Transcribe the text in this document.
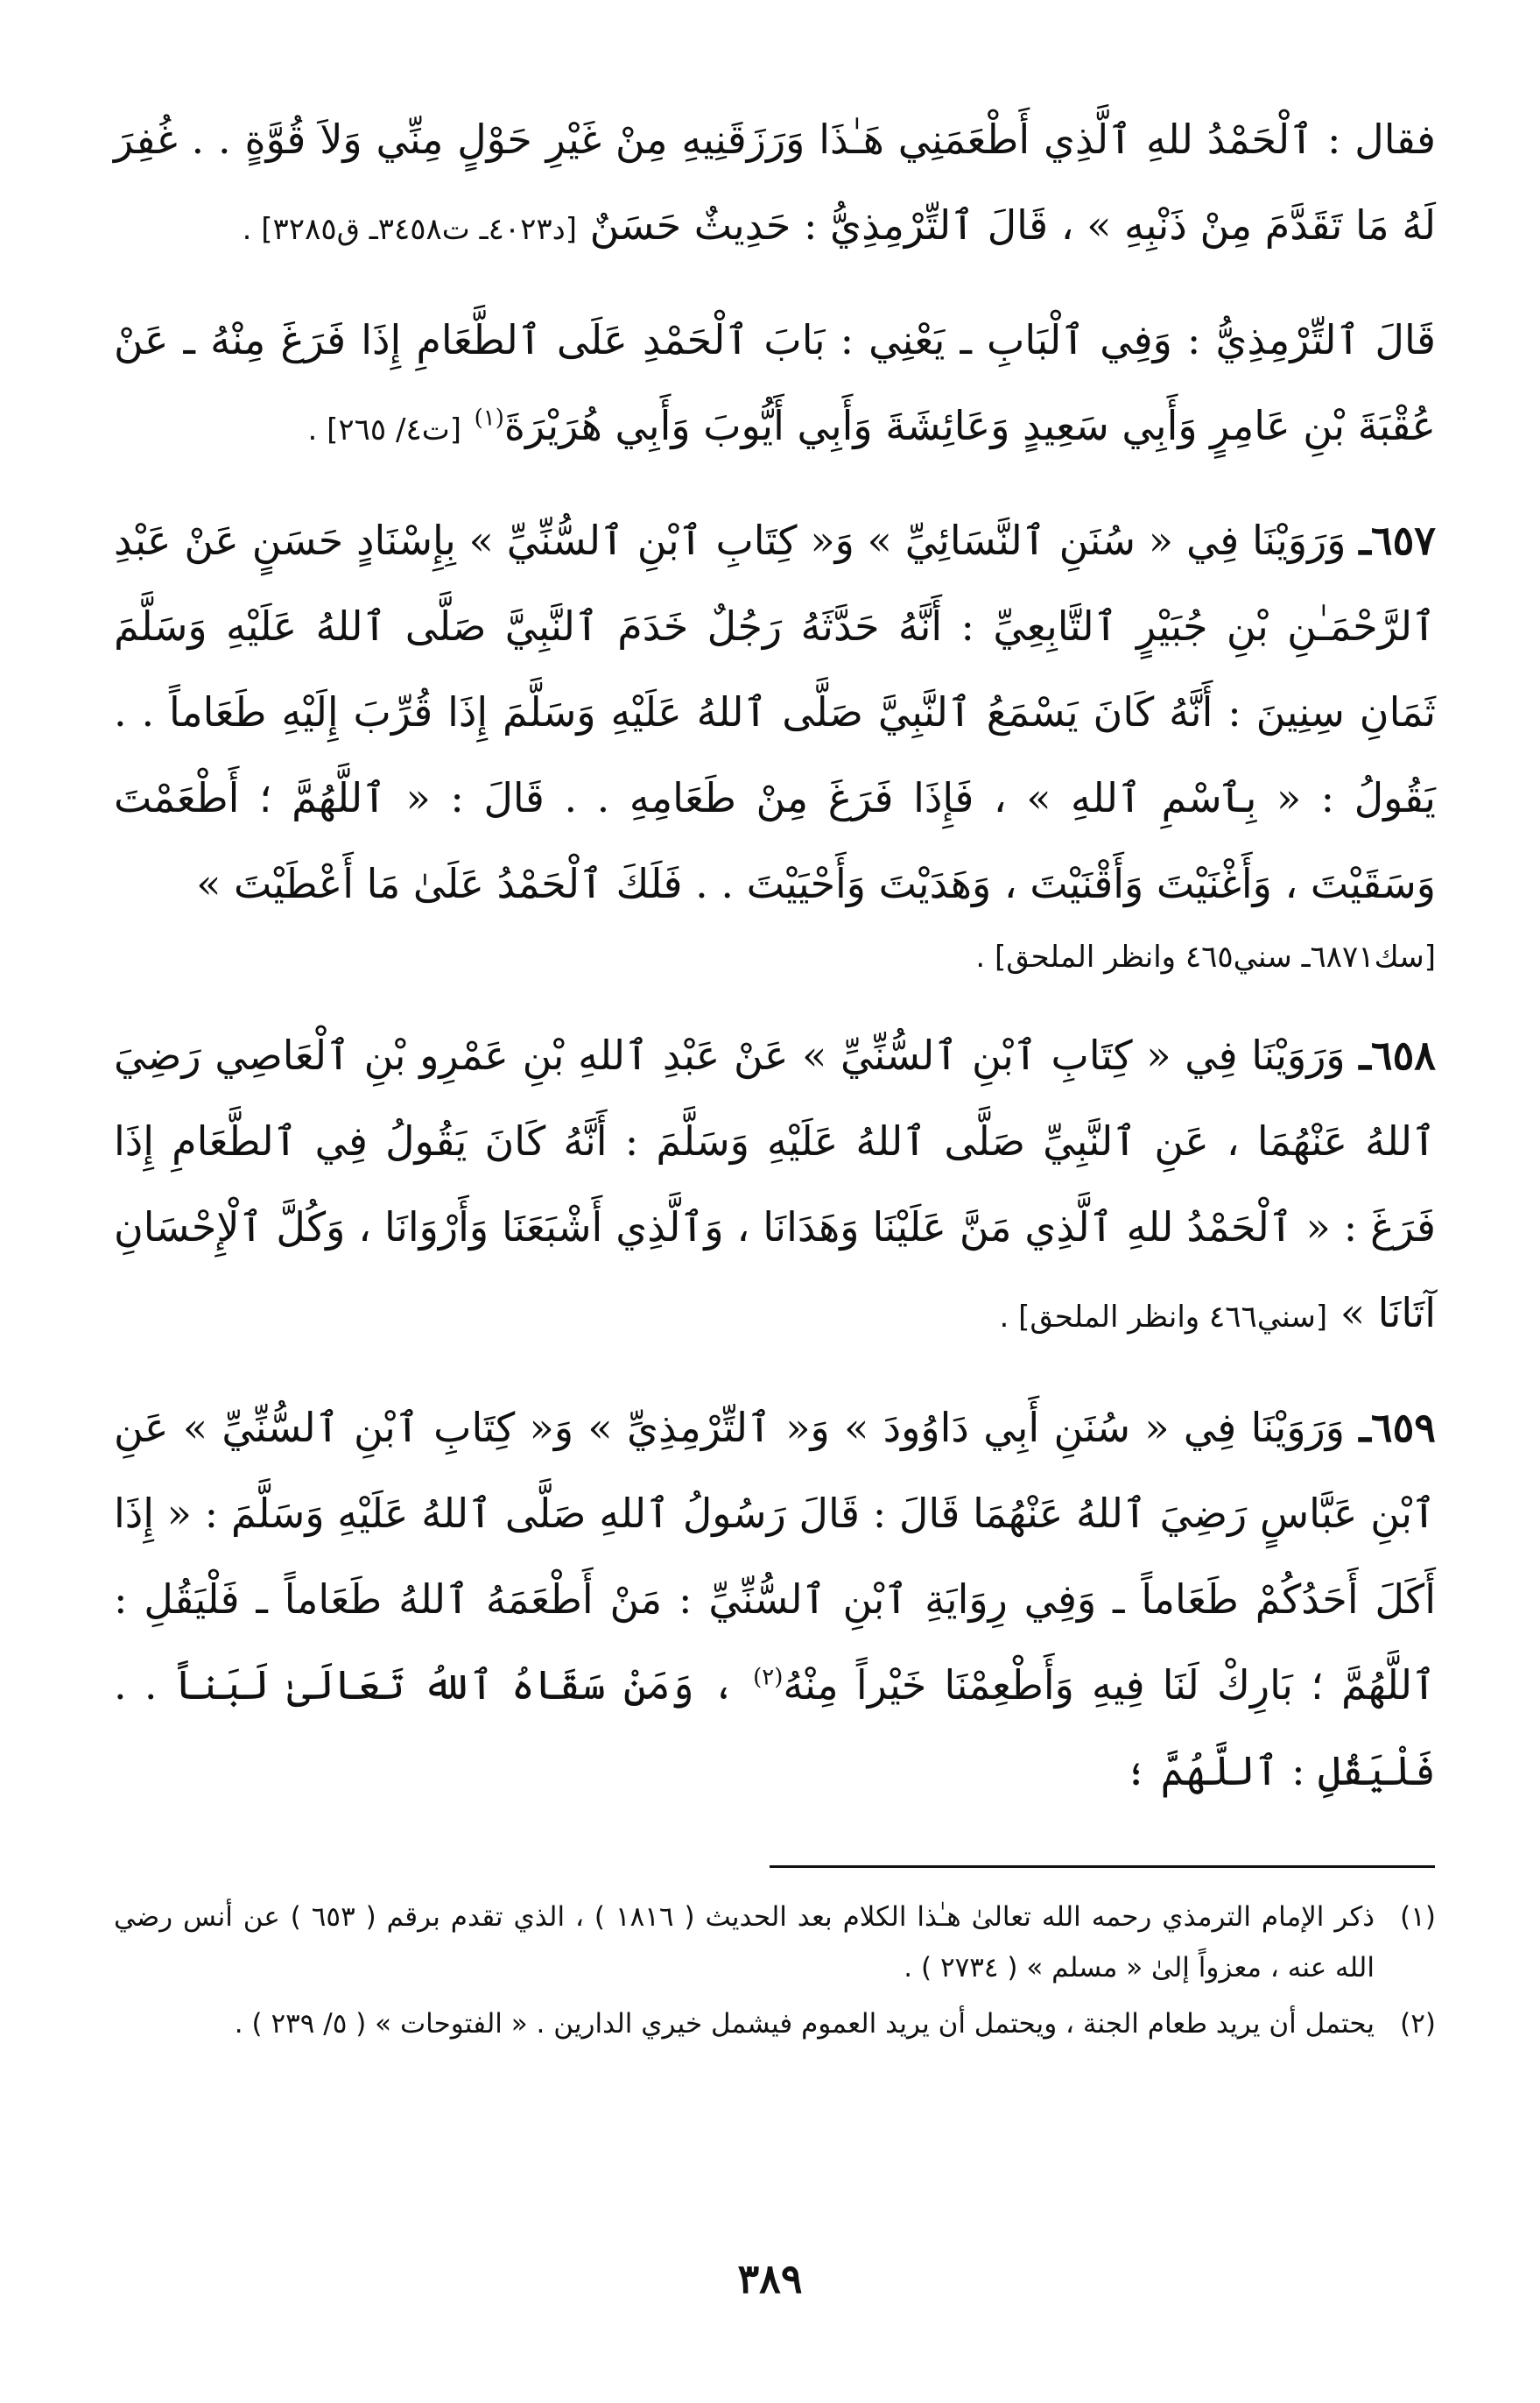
فقال : ٱلْحَمْدُ للهِ ٱلَّذِي أَطْعَمَنِي هَـٰذَا وَرَزَقَنِيهِ مِنْ غَيْرِ حَوْلٍ مِنِّي وَلاَ قُوَّةٍ . . غُفِرَ لَهُ مَا تَقَدَّمَ مِنْ ذَنْبِهِ » ، قَالَ ٱلتِّرْمِذِيُّ : حَدِيثٌ حَسَنٌ [د٤٠٢٣ـ ت٣٤٥٨ـ ق٣٢٨٥] .

قَالَ ٱلتِّرْمِذِيُّ : وَفِي ٱلْبَابِ ـ يَعْنِي : بَابَ ٱلْحَمْدِ عَلَى ٱلطَّعَامِ إِذَا فَرَغَ مِنْهُ ـ عَنْ عُقْبَةَ بْنِ عَامِرٍ وَأَبِي سَعِيدٍ وَعَائِشَةَ وَأَبِي أَيُّوبَ وَأَبِي هُرَيْرَةَ$^{(١)}$ [ت٤/ ٢٦٥] .

٦٥٧ـ وَرَوَيْنَا فِي « سُنَنِ ٱلنَّسَائِيِّ » وَ« كِتَابِ ٱبْنِ ٱلسُّنِّيِّ » بِإِسْنَادٍ حَسَنٍ عَنْ عَبْدِ ٱلرَّحْمَـٰنِ بْنِ جُبَيْرٍ ٱلتَّابِعِيِّ : أَنَّهُ حَدَّثَهُ رَجُلٌ خَدَمَ ٱلنَّبِيَّ صَلَّى ٱللهُ عَلَيْهِ وَسَلَّمَ ثَمَانِ سِنِينَ : أَنَّهُ كَانَ يَسْمَعُ ٱلنَّبِيَّ صَلَّى ٱللهُ عَلَيْهِ وَسَلَّمَ إِذَا قُرِّبَ إِلَيْهِ طَعَاماً . . يَقُولُ : « بِٱسْمِ ٱللهِ » ، فَإِذَا فَرَغَ مِنْ طَعَامِهِ . . قَالَ : « ٱللَّهُمَّ ؛ أَطْعَمْتَ وَسَقَيْتَ ، وَأَغْنَيْتَ وَأَقْنَيْتَ ، وَهَدَيْتَ وَأَحْيَيْتَ . . فَلَكَ ٱلْحَمْدُ عَلَىٰ مَا أَعْطَيْتَ »

[سك٦٨٧١ـ سني٤٦٥ وانظر الملحق] .

٦٥٨ـ وَرَوَيْنَا فِي « كِتَابِ ٱبْنِ ٱلسُّنِّيِّ » عَنْ عَبْدِ ٱللهِ بْنِ عَمْرِو بْنِ ٱلْعَاصِي رَضِيَ ٱللهُ عَنْهُمَا ، عَنِ ٱلنَّبِيِّ صَلَّى ٱللهُ عَلَيْهِ وَسَلَّمَ : أَنَّهُ كَانَ يَقُولُ فِي ٱلطَّعَامِ إِذَا فَرَغَ : « ٱلْحَمْدُ للهِ ٱلَّذِي مَنَّ عَلَيْنَا وَهَدَانَا ، وَٱلَّذِي أَشْبَعَنَا وَأَرْوَانَا ، وَكُلَّ ٱلْإِحْسَانِ آتَانَا » [سني٤٦٦ وانظر الملحق] .

٦٥٩ـ وَرَوَيْنَا فِي « سُنَنِ أَبِي دَاوُودَ » وَ« ٱلتِّرْمِذِيِّ » وَ« كِتَابِ ٱبْنِ ٱلسُّنِّيِّ » عَنِ ٱبْنِ عَبَّاسٍ رَضِيَ ٱللهُ عَنْهُمَا قَالَ : قَالَ رَسُولُ ٱللهِ صَلَّى ٱللهُ عَلَيْهِ وَسَلَّمَ : « إِذَا أَكَلَ أَحَدُكُمْ طَعَاماً ـ وَفِي رِوَايَةِ ٱبْنِ ٱلسُّنِّيِّ : مَنْ أَطْعَمَهُ ٱللهُ طَعَاماً ـ فَلْيَقُلِ : ٱللَّهُمَّ ؛ بَارِكْ لَنَا فِيهِ وَأَطْعِمْنَا خَيْراً مِنْهُ$^{(٢)}$ ، وَمَنْ سَقَاهُ ٱللهُ تَعَالَىٰ لَبَناً . . فَلْيَقُلِ : ٱللَّهُمَّ ؛

(١)
ذكر الإمام الترمذي رحمه الله تعالىٰ هـٰذا الكلام بعد الحديث ( ١٨١٦ ) ، الذي تقدم برقم ( ٦٥٣ ) عن أنس رضي الله عنه ، معزواً إلىٰ « مسلم » ( ٢٧٣٤ ) .
(٢)
يحتمل أن يريد طعام الجنة ، ويحتمل أن يريد العموم فيشمل خيري الدارين . « الفتوحات » ( ٥/ ٢٣٩ ) .
٣٨٩
